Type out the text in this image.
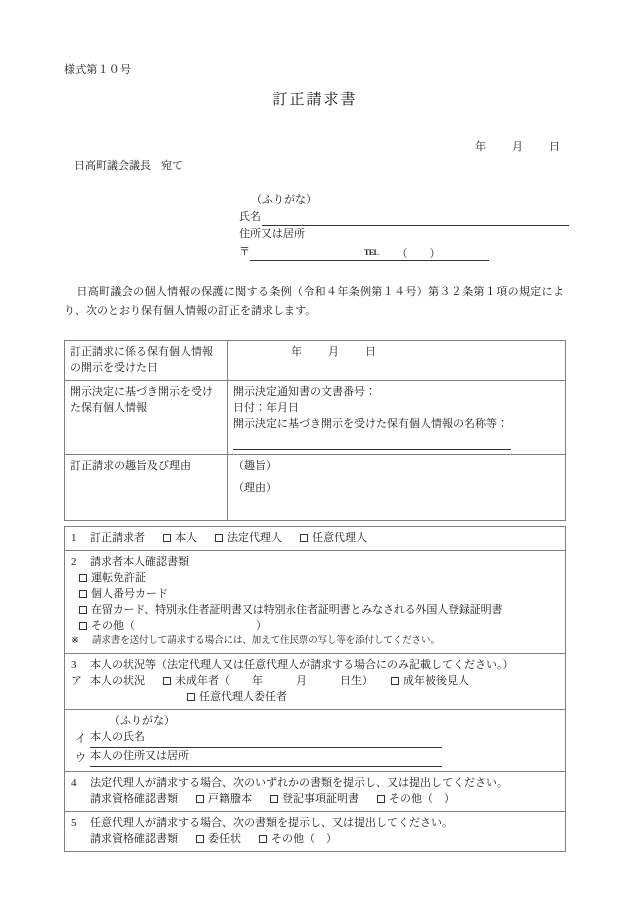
様式第１０号
訂正請求書
年 月 日
日高町議会議長 宛て
（ふりがな）
氏名
住所又は居所
〒	TEL （ ）
日高町議会の個人情報の保護に関する条例（令和４年条例第１４号）第３２条第１項の規定により、次のとおり保有個人情報の訂正を請求します。
訂正請求に係る保有個人情報の開示を受けた日	年 月 日
開示決定に基づき開示を受けた保有個人情報	開示決定通知書の文書番号：
日付：年月日
開示決定に基づき開示を受けた保有個人情報の名称等：

訂正請求の趣旨及び理由	（趣旨）
（理由）
1 訂正請求者	本人	法定代理人	任意代理人

2 請求者本人確認書類
運転免許証
個人番号カード
在留カード、特別永住者証明書又は特別永住者証明書とみなされる外国人登録証明書
その他（　　　　　　　　　　　）
※ 請求書を送付して請求する場合には、加えて住民票の写し等を添付してください。

3 本人の状況等（法定代理人又は任意代理人が請求する場合にのみ記載してください。）
ア 本人の状況	未成年者（　　年　　　月　　　日生）	成年被後見人
任意代理人委任者

（ふりがな）
イ 本人の氏名
ウ 本人の住所又は居所

4 法定代理人が請求する場合、次のいずれかの書類を提示し、又は提出してください。
請求資格確認書類	戸籍謄本	登記事項証明書	その他（　）

5 任意代理人が請求する場合、次の書類を提示し、又は提出してください。
請求資格確認書類	委任状	その他（　）
